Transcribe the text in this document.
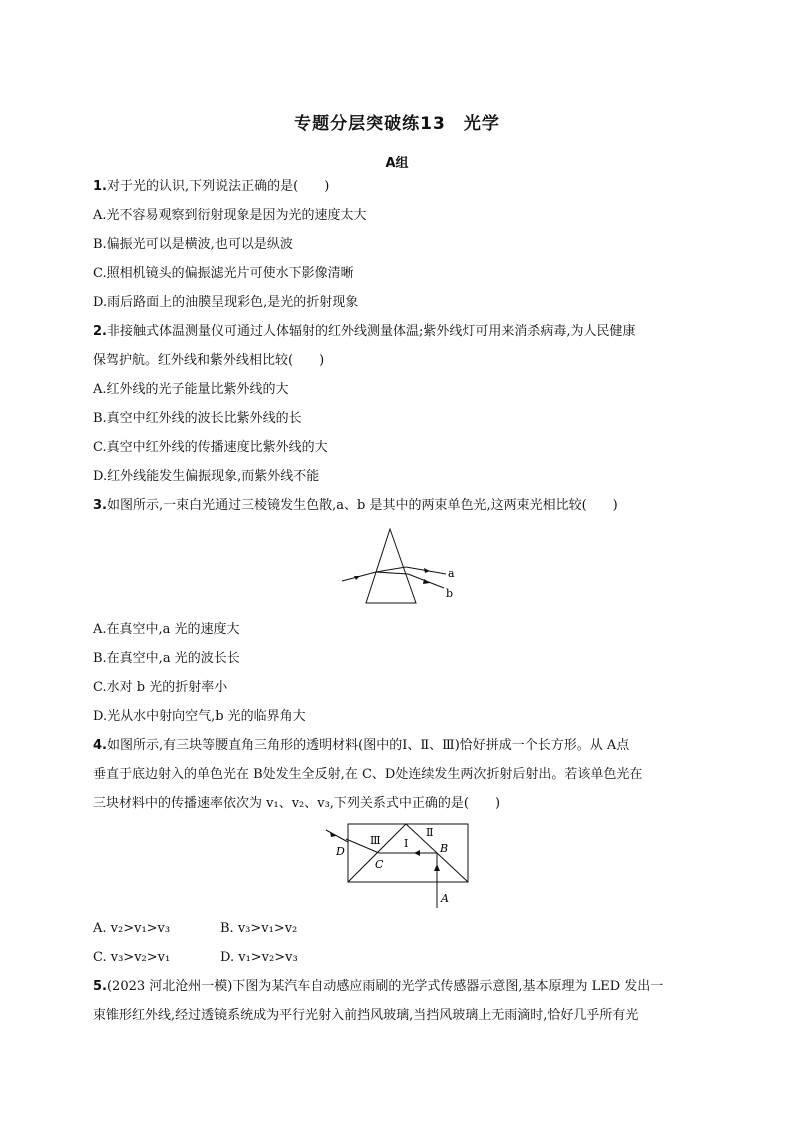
专题分层突破练13　光学
A组
1.对于光的认识,下列说法正确的是(　　)
A.光不容易观察到衍射现象是因为光的速度太大
B.偏振光可以是横波,也可以是纵波
C.照相机镜头的偏振滤光片可使水下影像清晰
D.雨后路面上的油膜呈现彩色,是光的折射现象
2.非接触式体温测量仪可通过人体辐射的红外线测量体温;紫外线灯可用来消杀病毒,为人民健康
保驾护航。红外线和紫外线相比较(　　)
A.红外线的光子能量比紫外线的大
B.真空中红外线的波长比紫外线的长
C.真空中红外线的传播速度比紫外线的大
D.红外线能发生偏振现象,而紫外线不能
3.如图所示,一束白光通过三棱镜发生色散,a、b 是其中的两束单色光,这两束光相比较(　　)
a
b
A.在真空中,a 光的速度大
B.在真空中,a 光的波长长
C.水对 b 光的折射率小
D.光从水中射向空气,b 光的临界角大
4.如图所示,有三块等腰直角三角形的透明材料(图中的Ⅰ、Ⅱ、Ⅲ)恰好拼成一个长方形。从 A点
垂直于底边射入的单色光在 B处发生全反射,在 C、D处连续发生两次折射后射出。若该单色光在
三块材料中的传播速率依次为 v₁、v₂、v₃,下列关系式中正确的是(　　)
Ⅲ
Ⅱ
Ⅰ	B
C
D
A
A. v₂>v₁>v₃	B. v₃>v₁>v₂
C. v₃>v₂>v₁	D. v₁>v₂>v₃
5.(2023 河北沧州一模)下图为某汽车自动感应雨刷的光学式传感器示意图,基本原理为 LED 发出一
束锥形红外线,经过透镜系统成为平行光射入前挡风玻璃,当挡风玻璃上无雨滴时,恰好几乎所有光
